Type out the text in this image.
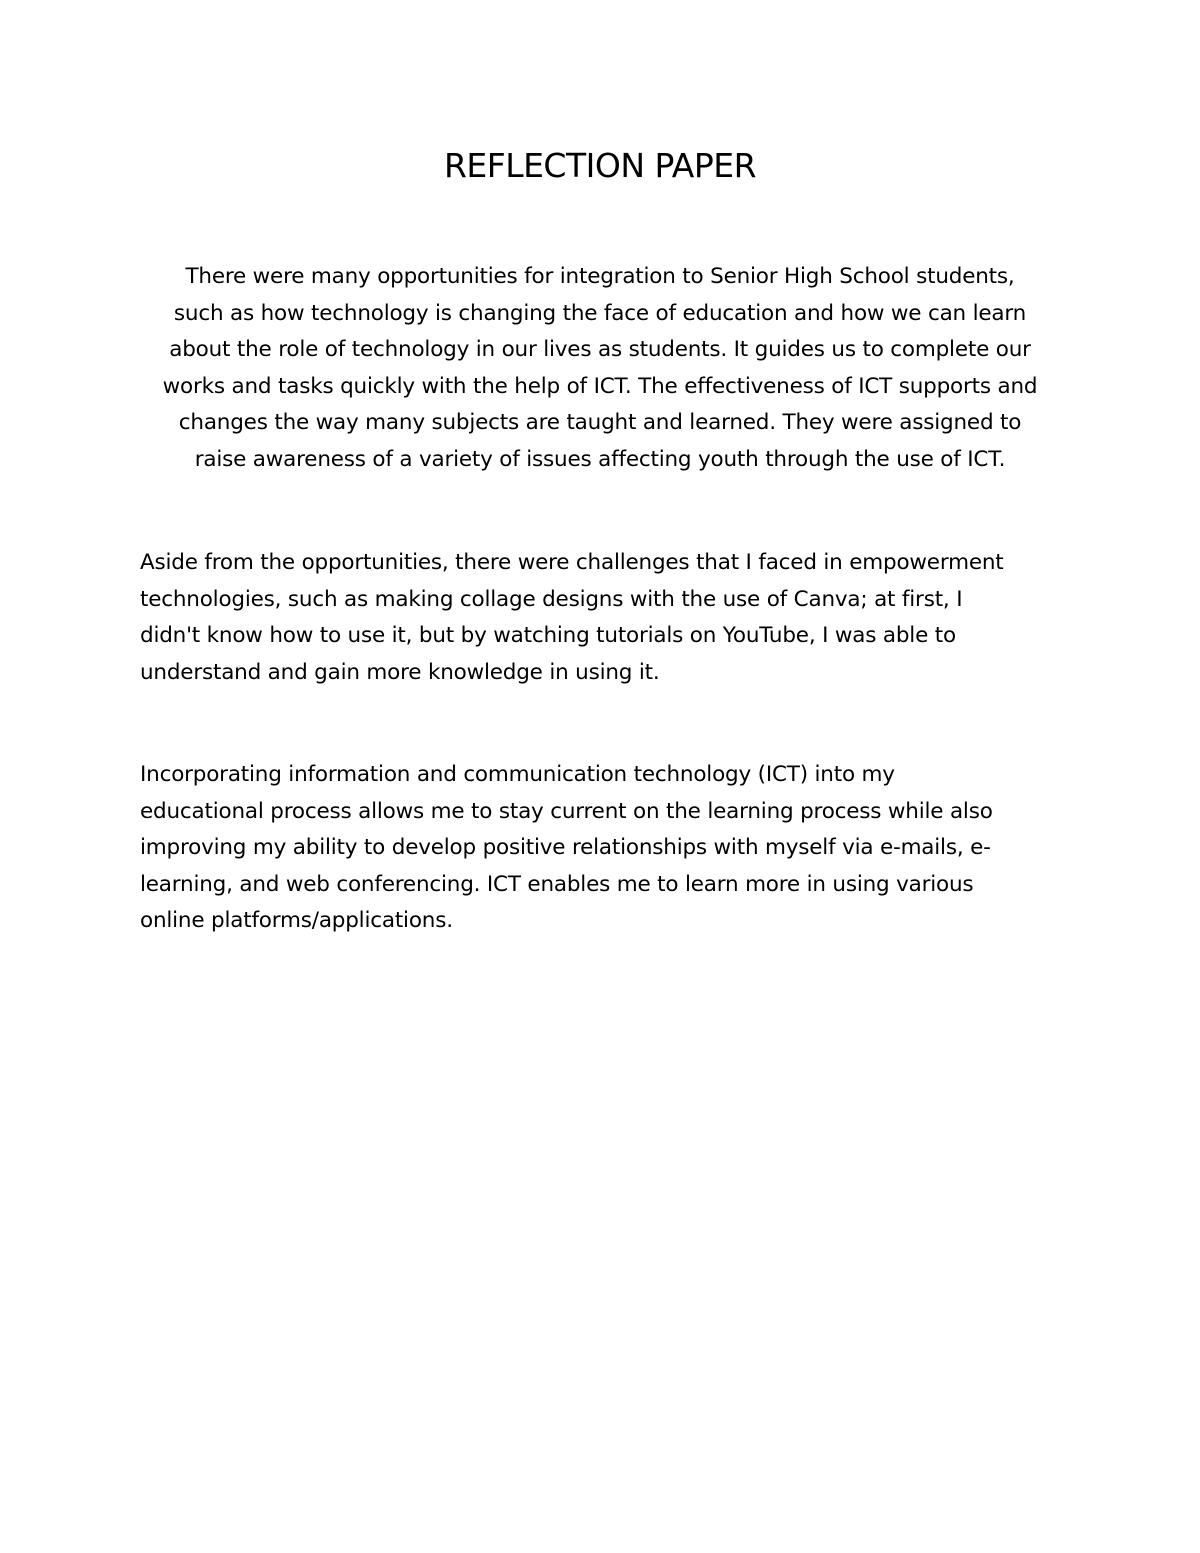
REFLECTION PAPER

There were many opportunities for integration to Senior High School students,
such as how technology is changing the face of education and how we can learn
about the role of technology in our lives as students. It guides us to complete our
works and tasks quickly with the help of ICT. The effectiveness of ICT supports and
changes the way many subjects are taught and learned. They were assigned to
raise awareness of a variety of issues affecting youth through the use of ICT.

Aside from the opportunities, there were challenges that I faced in empowerment
technologies, such as making collage designs with the use of Canva; at first, I
didn't know how to use it, but by watching tutorials on YouTube, I was able to
understand and gain more knowledge in using it.

Incorporating information and communication technology (ICT) into my
educational process allows me to stay current on the learning process while also
improving my ability to develop positive relationships with myself via e-mails, e-
learning, and web conferencing. ICT enables me to learn more in using various
online platforms/applications.
